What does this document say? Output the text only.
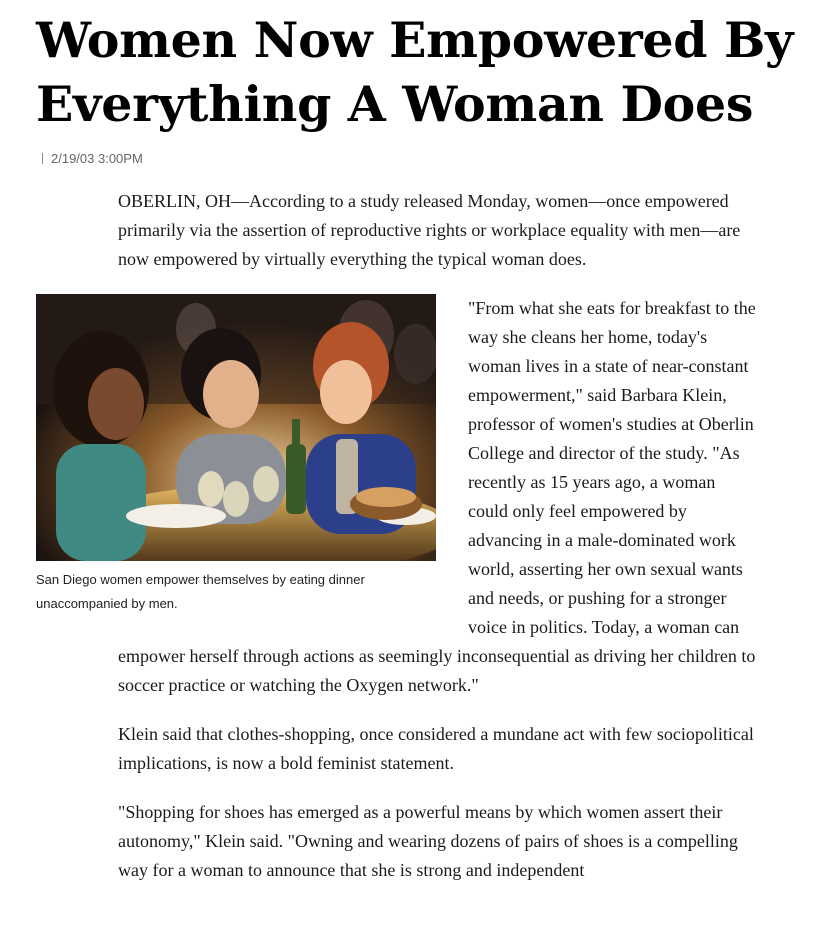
Women Now Empowered By Everything A Woman Does
2/19/03 3:00PM

OBERLIN, OH—According to a study released Monday, women—once empowered primarily via the assertion of reproductive rights or workplace equality with men—are now empowered by virtually everything the typical woman does.

San Diego women empower themselves by eating dinner unaccompanied by men.

"From what she eats for breakfast to the way she cleans her home, today's woman lives in a state of near-constant empowerment," said Barbara Klein, professor of women's studies at Oberlin College and director of the study. "As recently as 15 years ago, a woman could only feel empowered by advancing in a male-dominated work world, asserting her own sexual wants and needs, or pushing for a stronger voice in politics. Today, a woman can empower herself through actions as seemingly inconsequential as driving her children to soccer practice or watching the Oxygen network."

Klein said that clothes-shopping, once considered a mundane act with few sociopolitical implications, is now a bold feminist statement.

"Shopping for shoes has emerged as a powerful means by which women assert their autonomy," Klein said. "Owning and wearing dozens of pairs of shoes is a compelling way for a woman to announce that she is strong and independent
